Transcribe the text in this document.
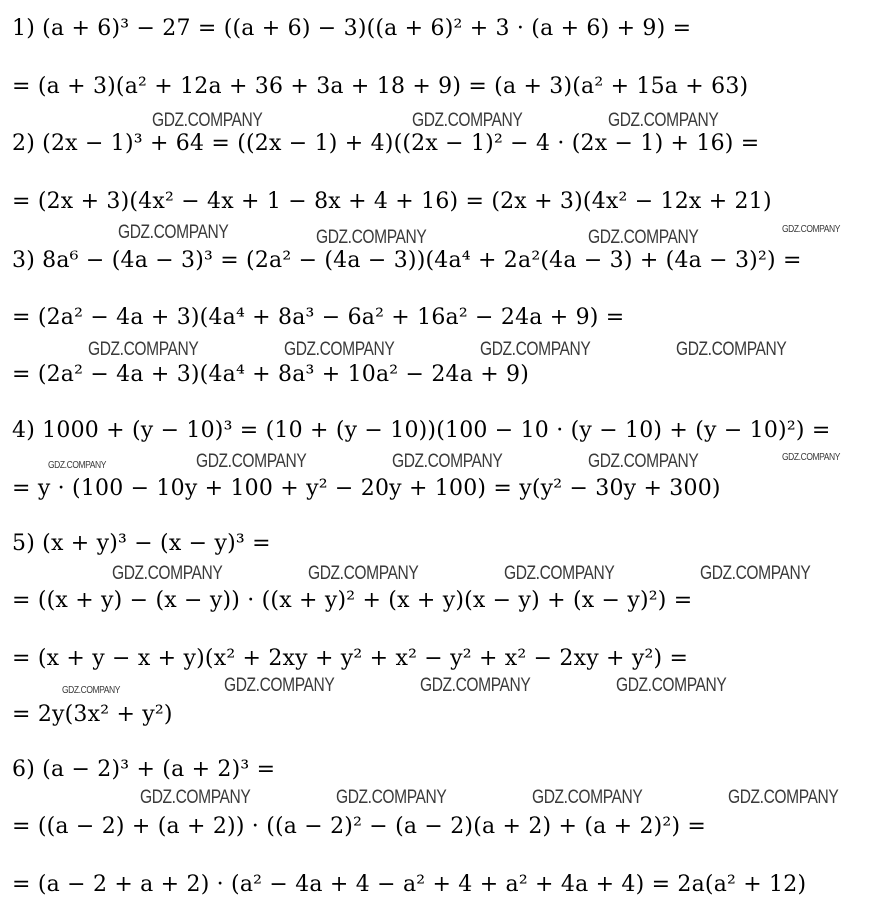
1) (a + 6)³ − 27 = ((a + 6) − 3)((a + 6)² + 3 · (a + 6) + 9) =
= (a + 3)(a² + 12a + 36 + 3a + 18 + 9) = (a + 3)(a² + 15a + 63)
2) (2x − 1)³ + 64 = ((2x − 1) + 4)((2x − 1)² − 4 · (2x − 1) + 16) =
= (2x + 3)(4x² − 4x + 1 − 8x + 4 + 16) = (2x + 3)(4x² − 12x + 21)
3) 8a⁶ − (4a − 3)³ = (2a² − (4a − 3))(4a⁴ + 2a²(4a − 3) + (4a − 3)²) =
= (2a² − 4a + 3)(4a⁴ + 8a³ − 6a² + 16a² − 24a + 9) =
= (2a² − 4a + 3)(4a⁴ + 8a³ + 10a² − 24a + 9)
4) 1000 + (y − 10)³ = (10 + (y − 10))(100 − 10 · (y − 10) + (y − 10)²) =
= y · (100 − 10y + 100 + y² − 20y + 100) = y(y² − 30y + 300)
5) (x + y)³ − (x − y)³ =
= ((x + y) − (x − y)) · ((x + y)² + (x + y)(x − y) + (x − y)²) =
= (x + y − x + y)(x² + 2xy + y² + x² − y² + x² − 2xy + y²) =
= 2y(3x² + y²)
6) (a − 2)³ + (a + 2)³ =
= ((a − 2) + (a + 2)) · ((a − 2)² − (a − 2)(a + 2) + (a + 2)²) =
= (a − 2 + a + 2) · (a² − 4a + 4 − a² + 4 + a² + 4a + 4) = 2a(a² + 12)
GDZ.COMPANY	GDZ.COMPANY	GDZ.COMPANY
GDZ.COMPANY	GDZ.COMPANY	GDZ.COMPANY	GDZ.COMPANY
GDZ.COMPANY	GDZ.COMPANY	GDZ.COMPANY	GDZ.COMPANY
GDZ.COMPANY	GDZ.COMPANY	GDZ.COMPANY	GDZ.COMPANY	GDZ.COMPANY
GDZ.COMPANY	GDZ.COMPANY	GDZ.COMPANY	GDZ.COMPANY
GDZ.COMPANY	GDZ.COMPANY	GDZ.COMPANY	GDZ.COMPANY
GDZ.COMPANY	GDZ.COMPANY	GDZ.COMPANY	GDZ.COMPANY
